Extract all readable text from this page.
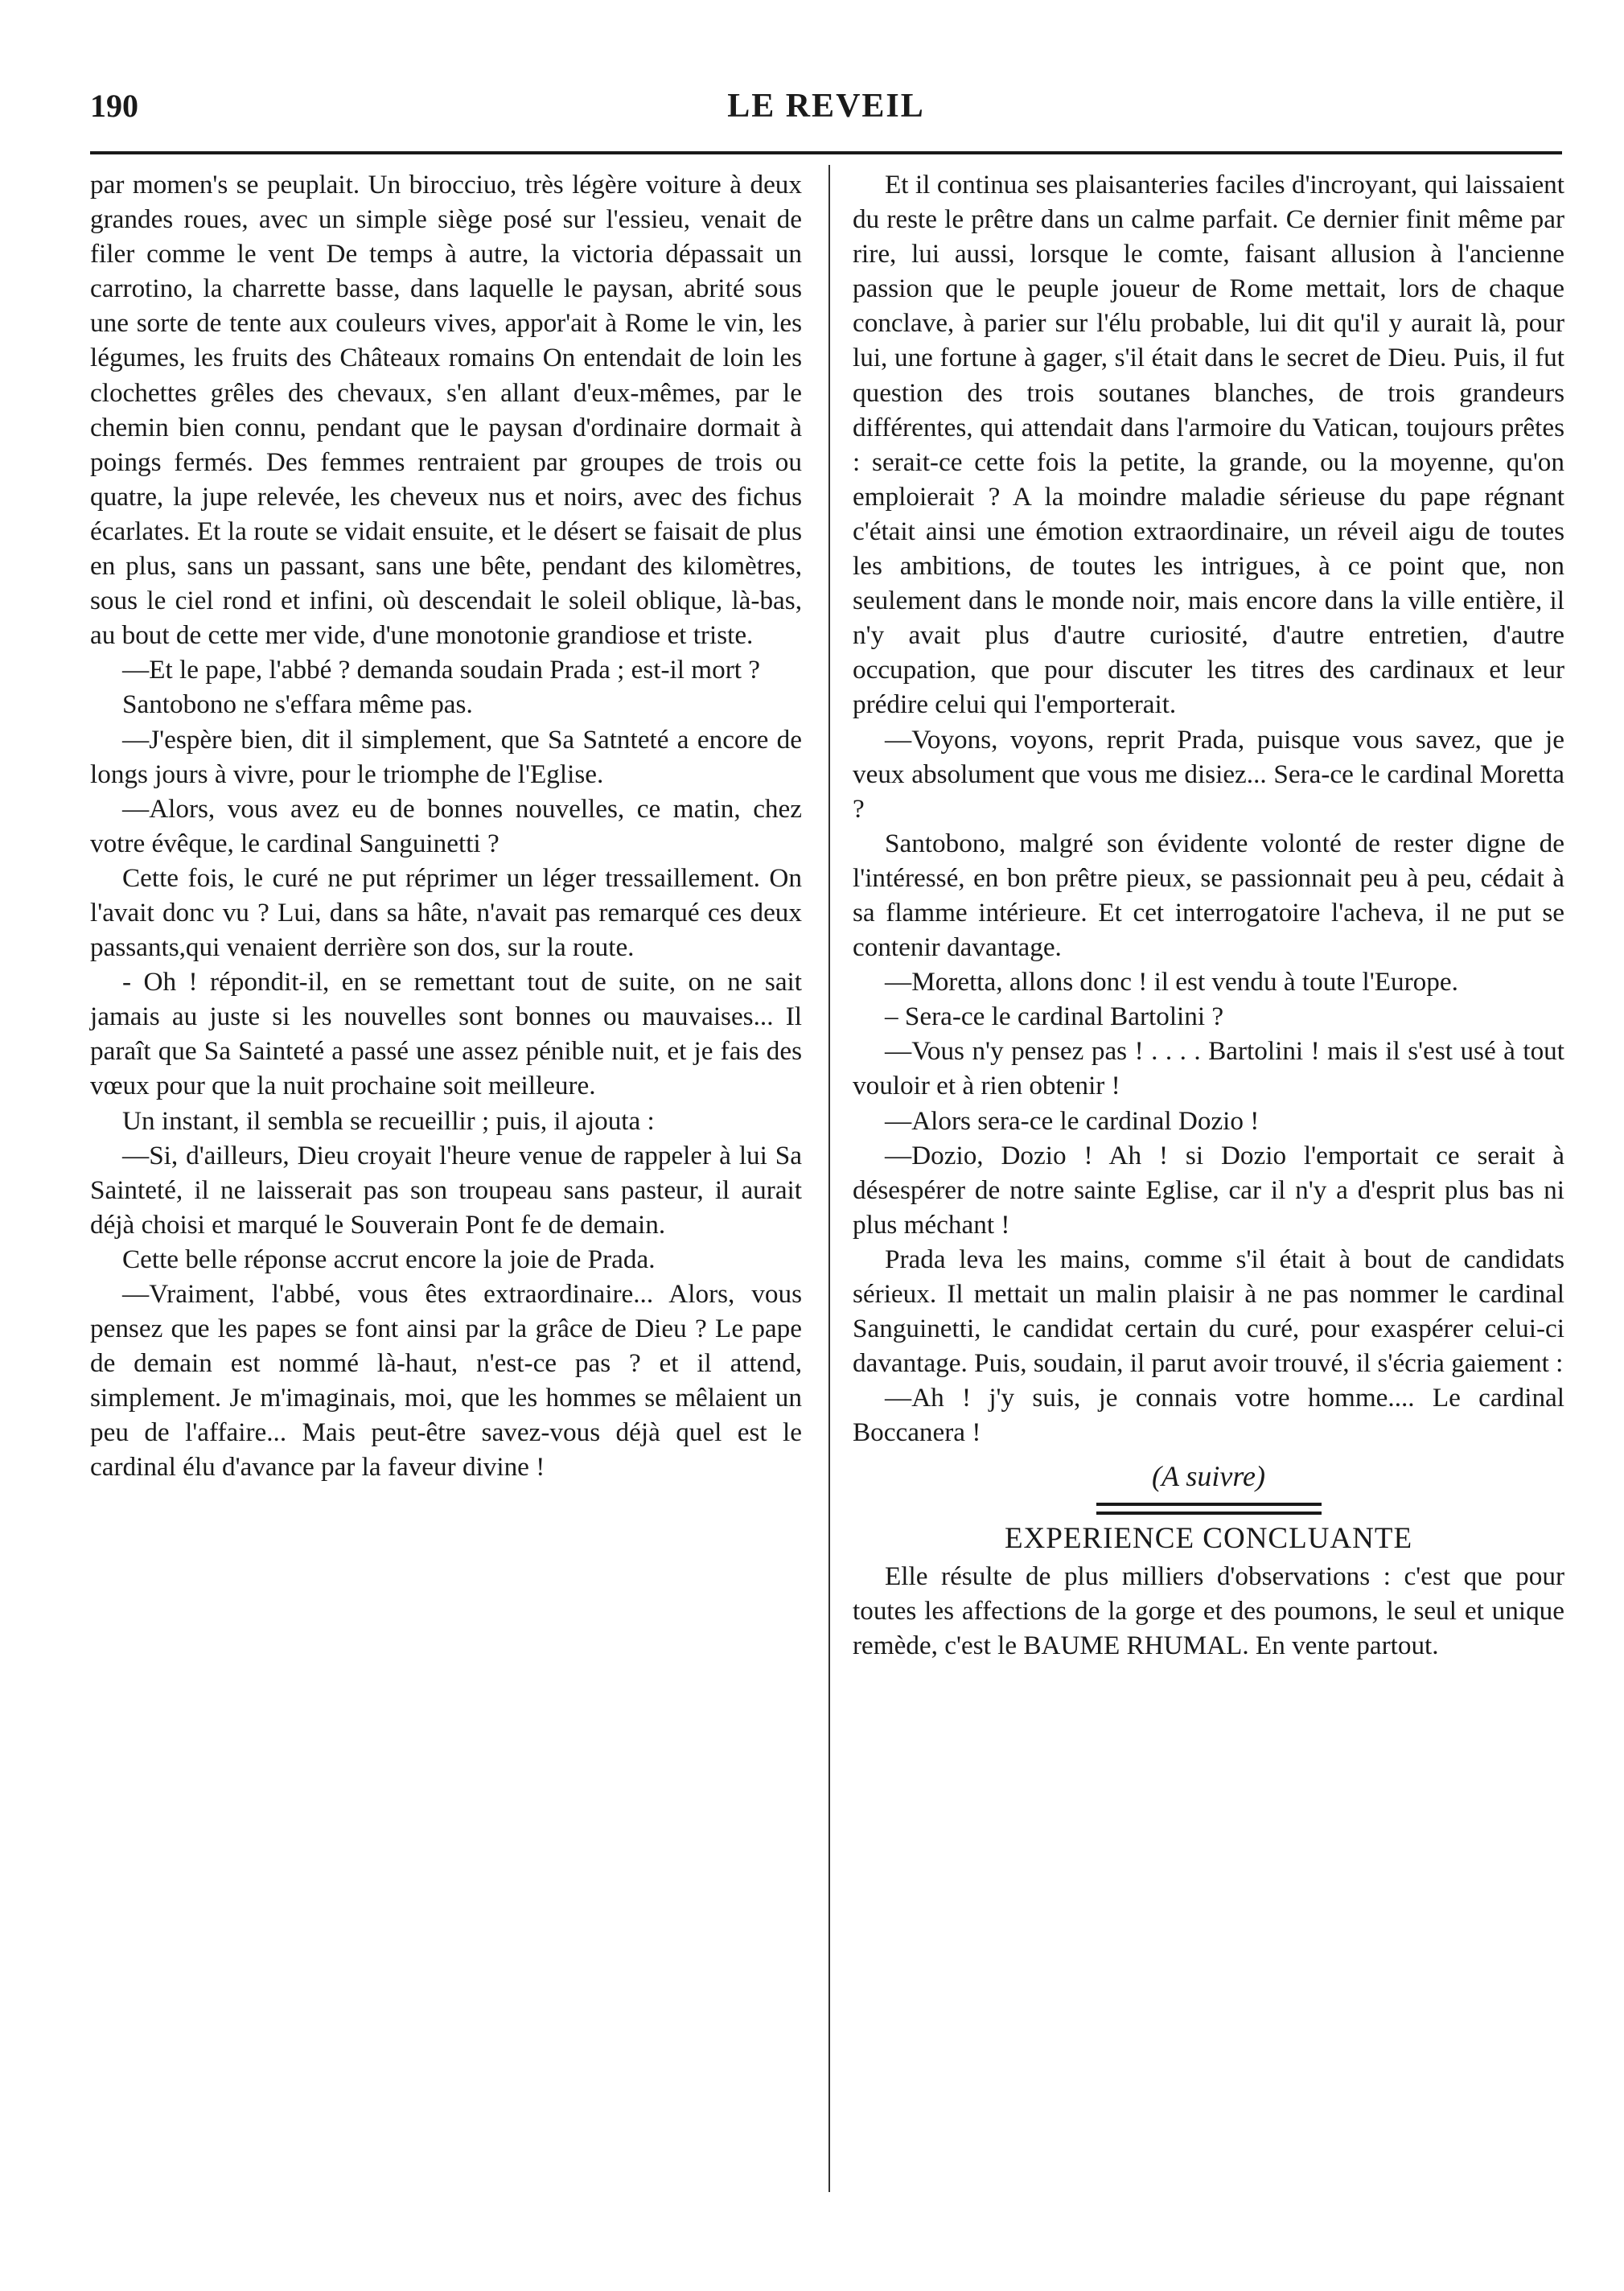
190	LE REVEIL

par momen's se peuplait. Un birocciuo, très légère voiture à deux grandes roues, avec un simple siège posé sur l'essieu, venait de filer comme le vent De temps à autre, la victoria dépassait un carrotino, la charrette basse, dans laquelle le paysan, abrité sous une sorte de tente aux couleurs vives, appor'ait à Rome le vin, les légumes, les fruits des Châteaux romains On entendait de loin les clochettes grêles des chevaux, s'en allant d'eux-mêmes, par le chemin bien connu, pendant que le paysan d'ordinaire dormait à poings fermés. Des femmes rentraient par groupes de trois ou quatre, la jupe relevée, les cheveux nus et noirs, avec des fichus écarlates. Et la route se vidait ensuite, et le désert se faisait de plus en plus, sans un passant, sans une bête, pendant des kilomètres, sous le ciel rond et infini, où descendait le soleil oblique, là-bas, au bout de cette mer vide, d'une monotonie grandiose et triste.

—Et le pape, l'abbé ? demanda soudain Prada ; est-il mort ?

Santobono ne s'effara même pas.

—J'espère bien, dit il simplement, que Sa Satnteté a encore de longs jours à vivre, pour le triomphe de l'Eglise.

—Alors, vous avez eu de bonnes nouvelles, ce matin, chez votre évêque, le cardinal Sanguinetti ?

Cette fois, le curé ne put réprimer un léger tressaillement. On l'avait donc vu ? Lui, dans sa hâte, n'avait pas remarqué ces deux passants,qui venaient derrière son dos, sur la route.

- Oh ! répondit-il, en se remettant tout de suite, on ne sait jamais au juste si les nouvelles sont bonnes ou mauvaises... Il paraît que Sa Sainteté a passé une assez pénible nuit, et je fais des vœux pour que la nuit prochaine soit meilleure.

Un instant, il sembla se recueillir ; puis, il ajouta :

—Si, d'ailleurs, Dieu croyait l'heure venue de rappeler à lui Sa Sainteté, il ne laisserait pas son troupeau sans pasteur, il aurait déjà choisi et marqué le Souverain Pont fe de demain.

Cette belle réponse accrut encore la joie de Prada.

—Vraiment, l'abbé, vous êtes extraordinaire... Alors, vous pensez que les papes se font ainsi par la grâce de Dieu ? Le pape de demain est nommé là-haut, n'est-ce pas ? et il attend, simplement. Je m'imaginais, moi, que les hommes se mêlaient un peu de l'affaire... Mais peut-être savez-vous déjà quel est le cardinal élu d'avance par la faveur divine !

Et il continua ses plaisanteries faciles d'incroyant, qui laissaient du reste le prêtre dans un calme parfait. Ce dernier finit même par rire, lui aussi, lorsque le comte, faisant allusion à l'ancienne passion que le peuple joueur de Rome mettait, lors de chaque conclave, à parier sur l'élu probable, lui dit qu'il y aurait là, pour lui, une fortune à gager, s'il était dans le secret de Dieu. Puis, il fut question des trois soutanes blanches, de trois grandeurs différentes, qui attendait dans l'armoire du Vatican, toujours prêtes : serait-ce cette fois la petite, la grande, ou la moyenne, qu'on emploierait ? A la moindre maladie sérieuse du pape régnant c'était ainsi une émotion extraordinaire, un réveil aigu de toutes les ambitions, de toutes les intrigues, à ce point que, non seulement dans le monde noir, mais encore dans la ville entière, il n'y avait plus d'autre curiosité, d'autre entretien, d'autre occupation, que pour discuter les titres des cardinaux et leur prédire celui qui l'emporterait.

—Voyons, voyons, reprit Prada, puisque vous savez, que je veux absolument que vous me disiez... Sera-ce le cardinal Moretta ?

Santobono, malgré son évidente volonté de rester digne de l'intéressé, en bon prêtre pieux, se passionnait peu à peu, cédait à sa flamme intérieure. Et cet interrogatoire l'acheva, il ne put se contenir davantage.

—Moretta, allons donc ! il est vendu à toute l'Europe.

– Sera-ce le cardinal Bartolini ?

—Vous n'y pensez pas ! . . . . Bartolini ! mais il s'est usé à tout vouloir et à rien obtenir !

—Alors sera-ce le cardinal Dozio !

—Dozio, Dozio ! Ah ! si Dozio l'emportait ce serait à désespérer de notre sainte Eglise, car il n'y a d'esprit plus bas ni plus méchant !

Prada leva les mains, comme s'il était à bout de candidats sérieux. Il mettait un malin plaisir à ne pas nommer le cardinal Sanguinetti, le candidat certain du curé, pour exaspérer celui-ci davantage. Puis, soudain, il parut avoir trouvé, il s'écria gaiement :

—Ah ! j'y suis, je connais votre homme.... Le cardinal Boccanera !

(A suivre)
EXPERIENCE CONCLUANTE

Elle résulte de plus milliers d'observations : c'est que pour toutes les affections de la gorge et des poumons, le seul et unique remède, c'est le BAUME RHUMAL. En vente partout.
